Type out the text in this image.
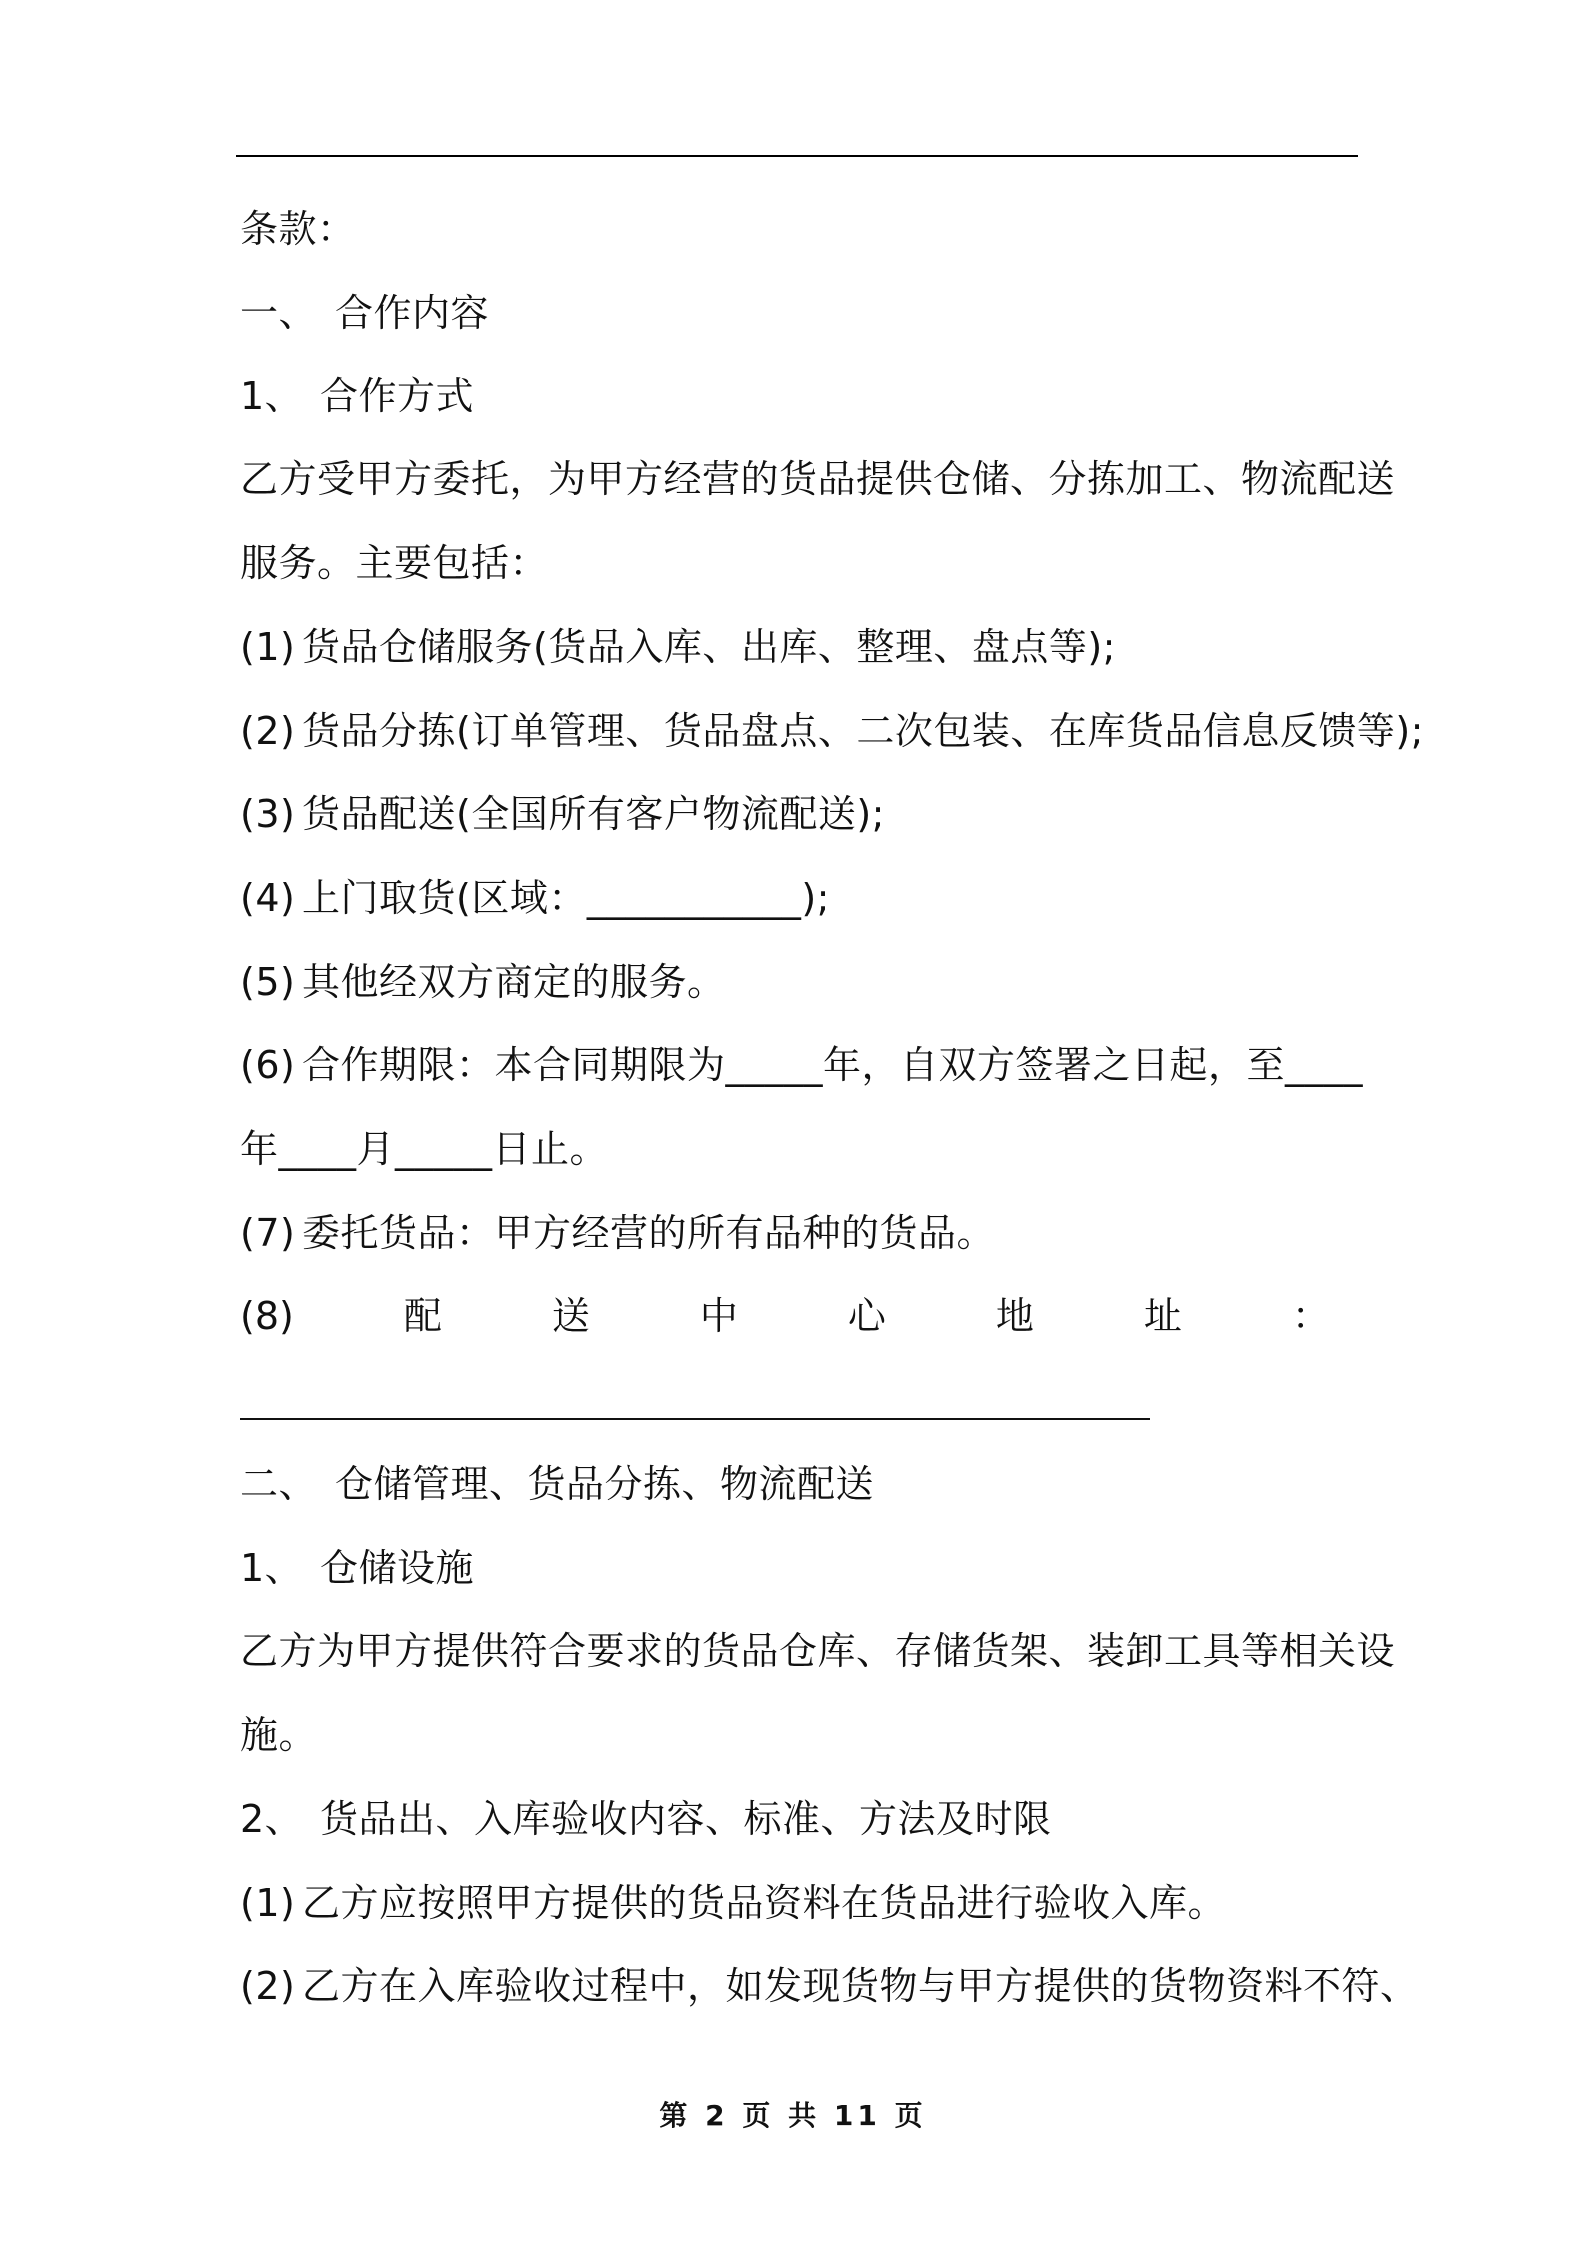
条款：
一、 合作内容
1、 合作方式
乙方受甲方委托，为甲方经营的货品提供仓储、分拣加工、物流配送
服务。主要包括：
(1) 货品仓储服务(货品入库、出库、整理、盘点等);
(2) 货品分拣(订单管理、货品盘点、二次包装、在库货品信息反馈等);
(3) 货品配送(全国所有客户物流配送);
(4) 上门取货(区域：___________);
(5) 其他经双方商定的服务。
(6) 合作期限：本合同期限为_____年，自双方签署之日起，至____
年____月_____日止。
(7) 委托货品：甲方经营的所有品种的货品。
(8)	配	送	中	心	地	址	：
二、 仓储管理、货品分拣、物流配送
1、 仓储设施
乙方为甲方提供符合要求的货品仓库、存储货架、装卸工具等相关设
施。
2、 货品出、入库验收内容、标准、方法及时限
(1) 乙方应按照甲方提供的货品资料在货品进行验收入库。
(2) 乙方在入库验收过程中，如发现货物与甲方提供的货物资料不符、
第 2 页 共 11 页
